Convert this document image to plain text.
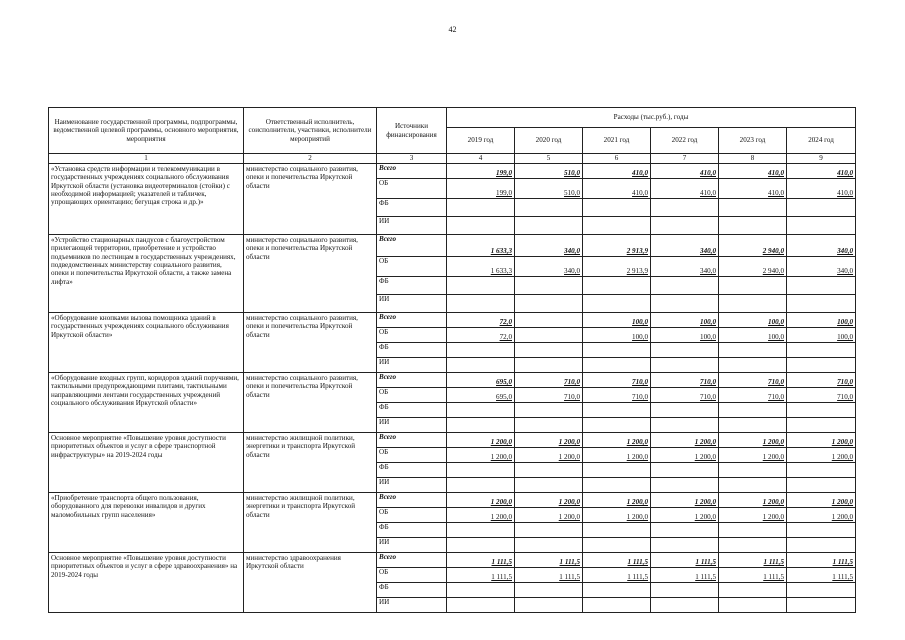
42
Наименование государственной программы, подпрограммы, ведомственной целевой программы, основного мероприятия, мероприятия	Ответственный исполнитель, соисполнители, участники, исполнители мероприятий	Источники финансирования	Расходы (тыс.руб.), годы					
			2019 год	2020 год	2021 год	2022 год	2023 год	2024 год
1	2	3	4	5	6	7	8	9
«Установка средств информации и телекоммуникации в государственных учреждениях социального обслуживания Иркутской области (установка видеотерминалов (стойки) с необходимой информацией; указателей и табличек, упрощающих ориентацию; бегущая строка и др.)»	министерство социального развития, опеки и попечительства Иркутской области	Всего	199,0	510,0	410,0	410,0	410,0	410,0
		ОБ	199,0	510,0	410,0	410,0	410,0	410,0
		ФБ						
		ИИ						
«Устройство стационарных пандусов с благоустройством прилегающей территории, приобретение и устройство подъемников по лестницам в государственных учреждениях, подведомственных министерству социального развития, опеки и попечительства Иркутской области, а также замена лифта»	министерство социального развития, опеки и попечительства Иркутской области	Всего	1 633,3	340,0	2 913,9	340,0	2 940,0	340,0
		ОБ	1 633,3	340,0	2 913,9	340,0	2 940,0	340,0
		ФБ						
		ИИ						
«Оборудование кнопками вызова помощника зданий в государственных учреждениях социального обслуживания Иркутской области»	министерство социального развития, опеки и попечительства Иркутской области	Всего	72,0		100,0	100,0	100,0	100,0
		ОБ	72,0		100,0	100,0	100,0	100,0
		ФБ						
		ИИ						
«Оборудование входных групп, коридоров зданий поручнями, тактильными предупреждающими плитами, тактильными направляющими лентами государственных учреждений социального обслуживания Иркутской области»	министерство социального развития, опеки и попечительства Иркутской области	Всего	695,0	710,0	710,0	710,0	710,0	710,0
		ОБ	695,0	710,0	710,0	710,0	710,0	710,0
		ФБ						
		ИИ						
Основное мероприятие «Повышение уровня доступности приоритетных объектов и услуг в сфере транспортной инфраструктуры» на 2019-2024 годы	министерство жилищной политики, энергетики и транспорта Иркутской области	Всего	1 200,0	1 200,0	1 200,0	1 200,0	1 200,0	1 200,0
		ОБ	1 200,0	1 200,0	1 200,0	1 200,0	1 200,0	1 200,0
		ФБ						
		ИИ						
«Приобретение транспорта общего пользования, оборудованного для перевозки инвалидов и других маломобильных групп населения»	министерство жилищной политики, энергетики и транспорта Иркутской области	Всего	1 200,0	1 200,0	1 200,0	1 200,0	1 200,0	1 200,0
		ОБ	1 200,0	1 200,0	1 200,0	1 200,0	1 200,0	1 200,0
		ФБ						
		ИИ						
Основное мероприятие «Повышение уровня доступности приоритетных объектов и услуг в сфере здравоохранения» на 2019-2024 годы	министерство здравоохранения Иркутской области	Всего	1 111,5	1 111,5	1 111,5	1 111,5	1 111,5	1 111,5
		ОБ	1 111,5	1 111,5	1 111,5	1 111,5	1 111,5	1 111,5
		ФБ						
		ИИ						
